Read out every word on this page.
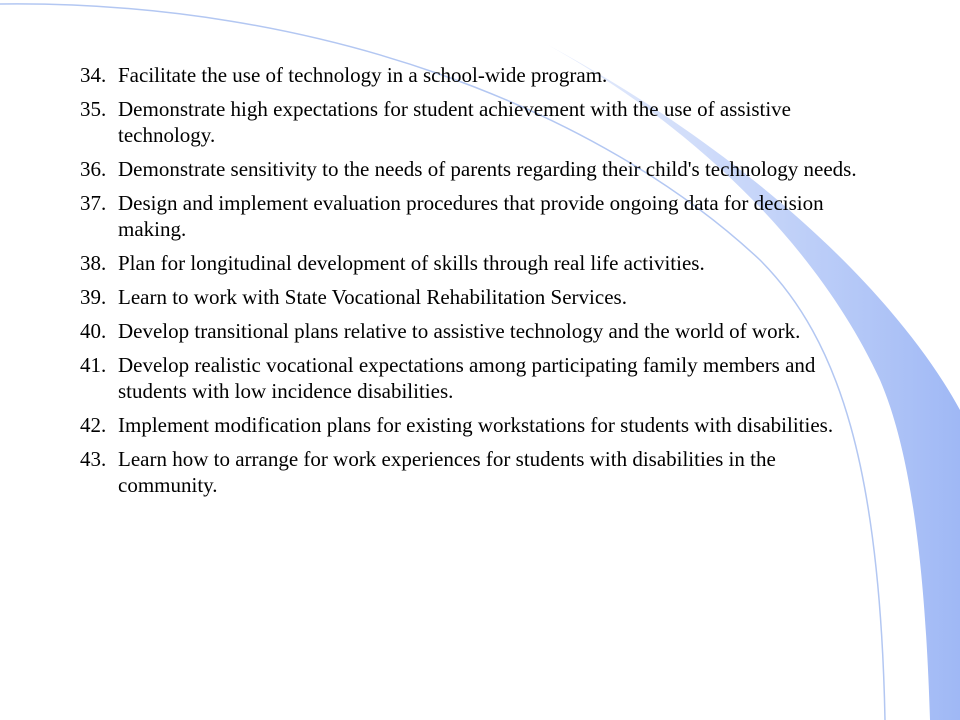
34. Facilitate the use of technology in a school-wide program.
35. Demonstrate high expectations for student achievement with the use of assistive technology.
36. Demonstrate sensitivity to the needs of parents regarding their child's technology needs.
37. Design and implement evaluation procedures that provide ongoing data for decision making.
38. Plan for longitudinal development of skills through real life activities.
39. Learn to work with State Vocational Rehabilitation Services.
40. Develop transitional plans relative to assistive technology and the world of work.
41. Develop realistic vocational expectations among participating family members and students with low incidence disabilities.
42. Implement modification plans for existing workstations for students with disabilities.
43. Learn how to arrange for work experiences for students with disabilities in the community.
